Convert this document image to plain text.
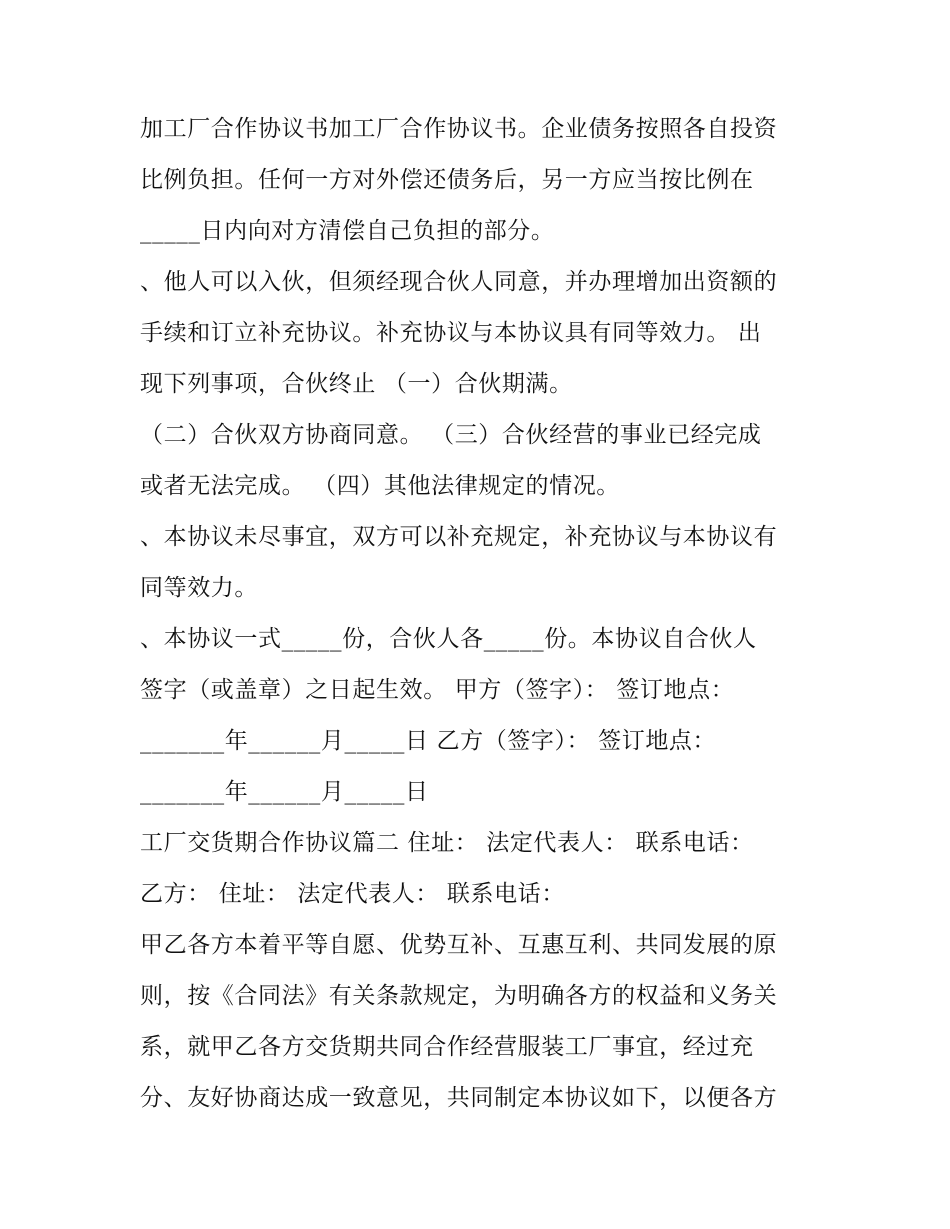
加工厂合作协议书加工厂合作协议书。企业债务按照各自投资
比例负担。任何一方对外偿还债务后，另一方应当按比例在
_____日内向对方清偿自己负担的部分。
、他人可以入伙，但须经现合伙人同意，并办理增加出资额的
手续和订立补充协议。补充协议与本协议具有同等效力。 出
现下列事项，合伙终止 （一）合伙期满。
（二）合伙双方协商同意。 （三）合伙经营的事业已经完成
或者无法完成。 （四）其他法律规定的情况。
、本协议未尽事宜，双方可以补充规定，补充协议与本协议有
同等效力。
、本协议一式_____份，合伙人各_____份。本协议自合伙人
签字（或盖章）之日起生效。 甲方（签字）： 签订地点：
_______年______月_____日 乙方（签字）： 签订地点：
_______年______月_____日
工厂交货期合作协议篇二 住址： 法定代表人： 联系电话：
乙方： 住址： 法定代表人： 联系电话：
甲乙各方本着平等自愿、优势互补、互惠互利、共同发展的原
则，按《合同法》有关条款规定，为明确各方的权益和义务关
系，就甲乙各方交货期共同合作经营服装工厂事宜，经过充
分、友好协商达成一致意见，共同制定本协议如下，以便各方
